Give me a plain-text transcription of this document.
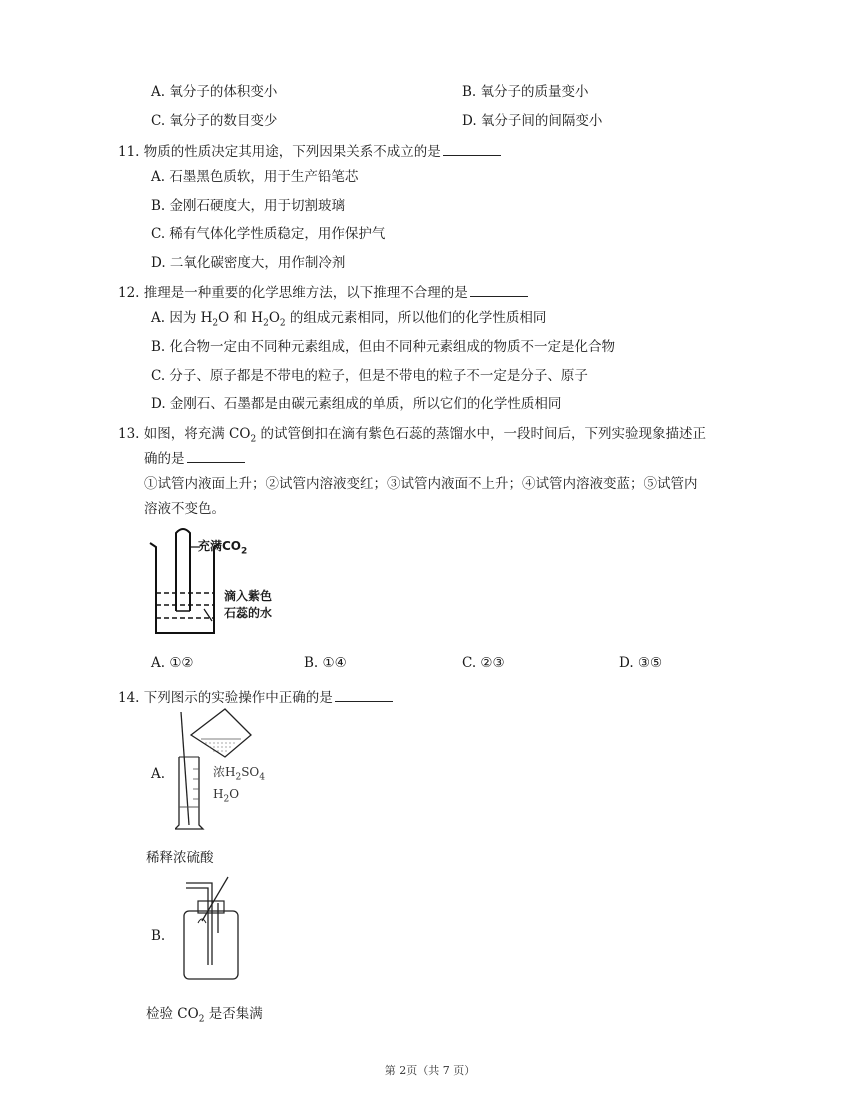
A. 氧分子的体积变小	B. 氧分子的质量变小
C. 氧分子的数目变少	D. 氧分子间的间隔变小
11. 物质的性质决定其用途，下列因果关系不成立的是
A. 石墨黑色质软，用于生产铅笔芯
B. 金刚石硬度大，用于切割玻璃
C. 稀有气体化学性质稳定，用作保护气
D. 二氧化碳密度大，用作制冷剂
12. 推理是一种重要的化学思维方法，以下推理不合理的是
A. 因为 $H_2O$ 和 $H_2O_2$ 的组成元素相同，所以他们的化学性质相同
B. 化合物一定由不同种元素组成，但由不同种元素组成的物质不一定是化合物
C. 分子、原子都是不带电的粒子，但是不带电的粒子不一定是分子、原子
D. 金刚石、石墨都是由碳元素组成的单质，所以它们的化学性质相同
13. 如图，将充满 $CO_2$ 的试管倒扣在滴有紫色石蕊的蒸馏水中，一段时间后，下列实验现象描述正
确的是
①试管内液面上升；②试管内溶液变红；③试管内液面不上升；④试管内溶液变蓝；⑤试管内
溶液不变色。
充满$CO_2$
滴入紫色
石蕊的水
A. ①②	B. ①④	C. ②③	D. ③⑤
14. 下列图示的实验操作中正确的是
A.	浓$H_2SO_4$
$H_2O$
稀释浓硫酸
B.
检验 $CO_2$ 是否集满
第 2页（共 7 页）
